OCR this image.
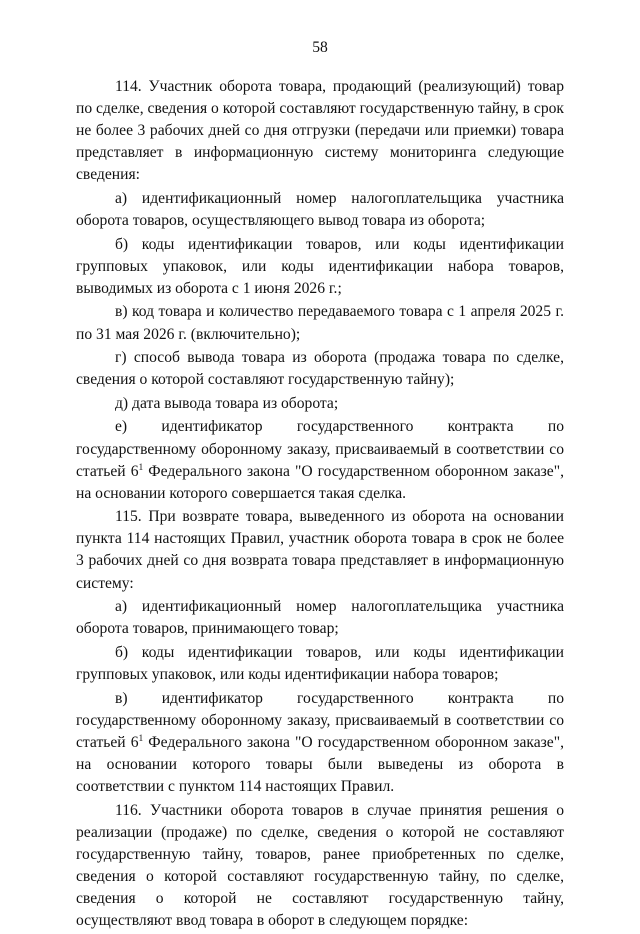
58

114. Участник оборота товара, продающий (реализующий) товар по сделке, сведения о которой составляют государственную тайну, в срок не более 3 рабочих дней со дня отгрузки (передачи или приемки) товара представляет в информационную систему мониторинга следующие сведения:

а) идентификационный номер налогоплательщика участника оборота товаров, осуществляющего вывод товара из оборота;

б) коды идентификации товаров, или коды идентификации групповых упаковок, или коды идентификации набора товаров, выводимых из оборота с 1 июня 2026 г.;

в) код товара и количество передаваемого товара с 1 апреля 2025 г. по 31 мая 2026 г. (включительно);

г) способ вывода товара из оборота (продажа товара по сделке, сведения о которой составляют государственную тайну);

д) дата вывода товара из оборота;

е) идентификатор государственного контракта по государственному оборонному заказу, присваиваемый в соответствии со статьей $6^1$ Федерального закона "О государственном оборонном заказе", на основании которого совершается такая сделка.

115. При возврате товара, выведенного из оборота на основании пункта 114 настоящих Правил, участник оборота товара в срок не более 3 рабочих дней со дня возврата товара представляет в информационную систему:

а) идентификационный номер налогоплательщика участника оборота товаров, принимающего товар;

б) коды идентификации товаров, или коды идентификации групповых упаковок, или коды идентификации набора товаров;

в) идентификатор государственного контракта по государственному оборонному заказу, присваиваемый в соответствии со статьей $6^1$ Федерального закона "О государственном оборонном заказе", на основании которого товары были выведены из оборота в соответствии с пунктом 114 настоящих Правил.

116. Участники оборота товаров в случае принятия решения о реализации (продаже) по сделке, сведения о которой не составляют государственную тайну, товаров, ранее приобретенных по сделке, сведения о которой составляют государственную тайну, по сделке, сведения о которой не составляют государственную тайну, осуществляют ввод товара в оборот в следующем порядке:
